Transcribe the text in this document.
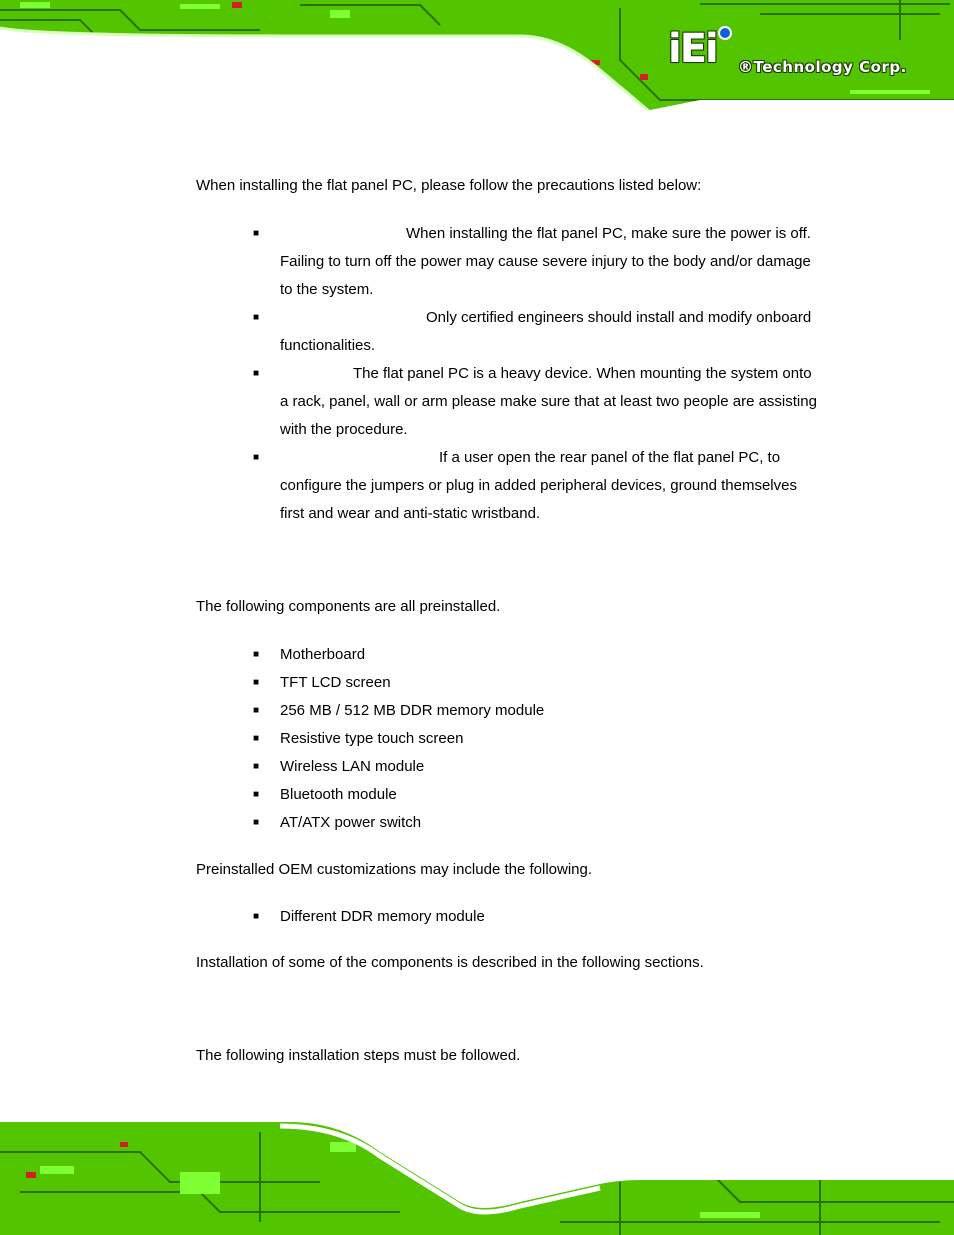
iEi ®Technology Corp.
When installing the flat panel PC, please follow the precautions listed below:
■	When installing the flat panel PC, make sure the power is off. Failing to turn off the power may cause severe injury to the body and/or damage to the system.
■	Only certified engineers should install and modify onboard functionalities.
■	The flat panel PC is a heavy device. When mounting the system onto a rack, panel, wall or arm please make sure that at least two people are assisting with the procedure.
■	If a user open the rear panel of the flat panel PC, to configure the jumpers or plug in added peripheral devices, ground themselves first and wear and anti-static wristband.
The following components are all preinstalled.
■ Motherboard
■ TFT LCD screen
■ 256 MB / 512 MB DDR memory module
■ Resistive type touch screen
■ Wireless LAN module
■ Bluetooth module
■ AT/ATX power switch
Preinstalled OEM customizations may include the following.
■ Different DDR memory module
Installation of some of the components is described in the following sections.
The following installation steps must be followed.
